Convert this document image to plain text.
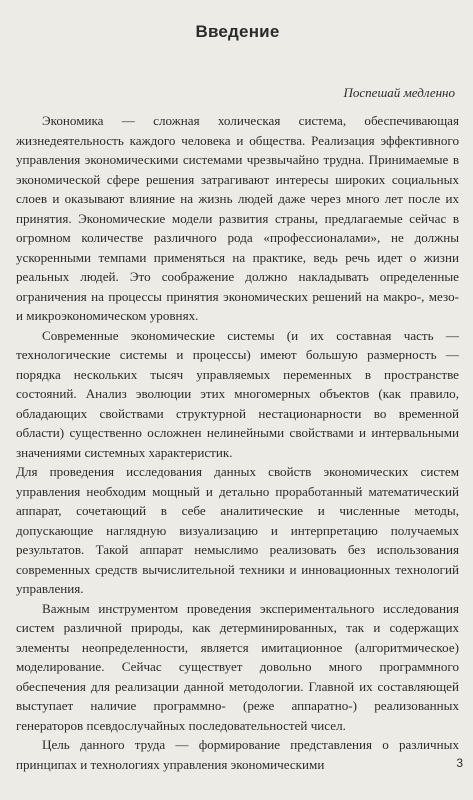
Введение
Поспешай медленно

Экономика — сложная холическая система, обеспечивающая жизнедеятельность каждого человека и общества. Реализация эффективного управления экономическими системами чрезвычайно трудна. Принимаемые в экономической сфере решения затрагивают интересы широких социальных слоев и оказывают влияние на жизнь людей даже через много лет после их принятия. Экономические модели развития страны, предлагаемые сейчас в огромном количестве различного рода «профессионалами», не должны ускоренными темпами применяться на практике, ведь речь идет о жизни реальных людей. Это соображение должно накладывать определенные ограничения на процессы принятия экономических решений на макро-, мезо- и микроэкономическом уровнях.

Современные экономические системы (и их составная часть — технологические системы и процессы) имеют большую размерность — порядка нескольких тысяч управляемых переменных в пространстве состояний. Анализ эволюции этих многомерных объектов (как правило, обладающих свойствами структурной нестационарности во временной области) существенно осложнен нелинейными свойствами и интервальными значениями системных характеристик.

Для проведения исследования данных свойств экономических систем управления необходим мощный и детально проработанный математический аппарат, сочетающий в себе аналитические и численные методы, допускающие наглядную визуализацию и интерпретацию получаемых результатов. Такой аппарат немыслимо реализовать без использования современных средств вычислительной техники и инновационных технологий управления.

Важным инструментом проведения экспериментального исследования систем различной природы, как детерминированных, так и содержащих элементы неопределенности, является имитационное (алгоритмическое) моделирование. Сейчас существует довольно много программного обеспечения для реализации данной методологии. Главной их составляющей выступает наличие программно- (реже аппаратно-) реализованных генераторов псевдослучайных последовательностей чисел.

Цель данного труда — формирование представления о различных принципах и технологиях управления экономическими	3
